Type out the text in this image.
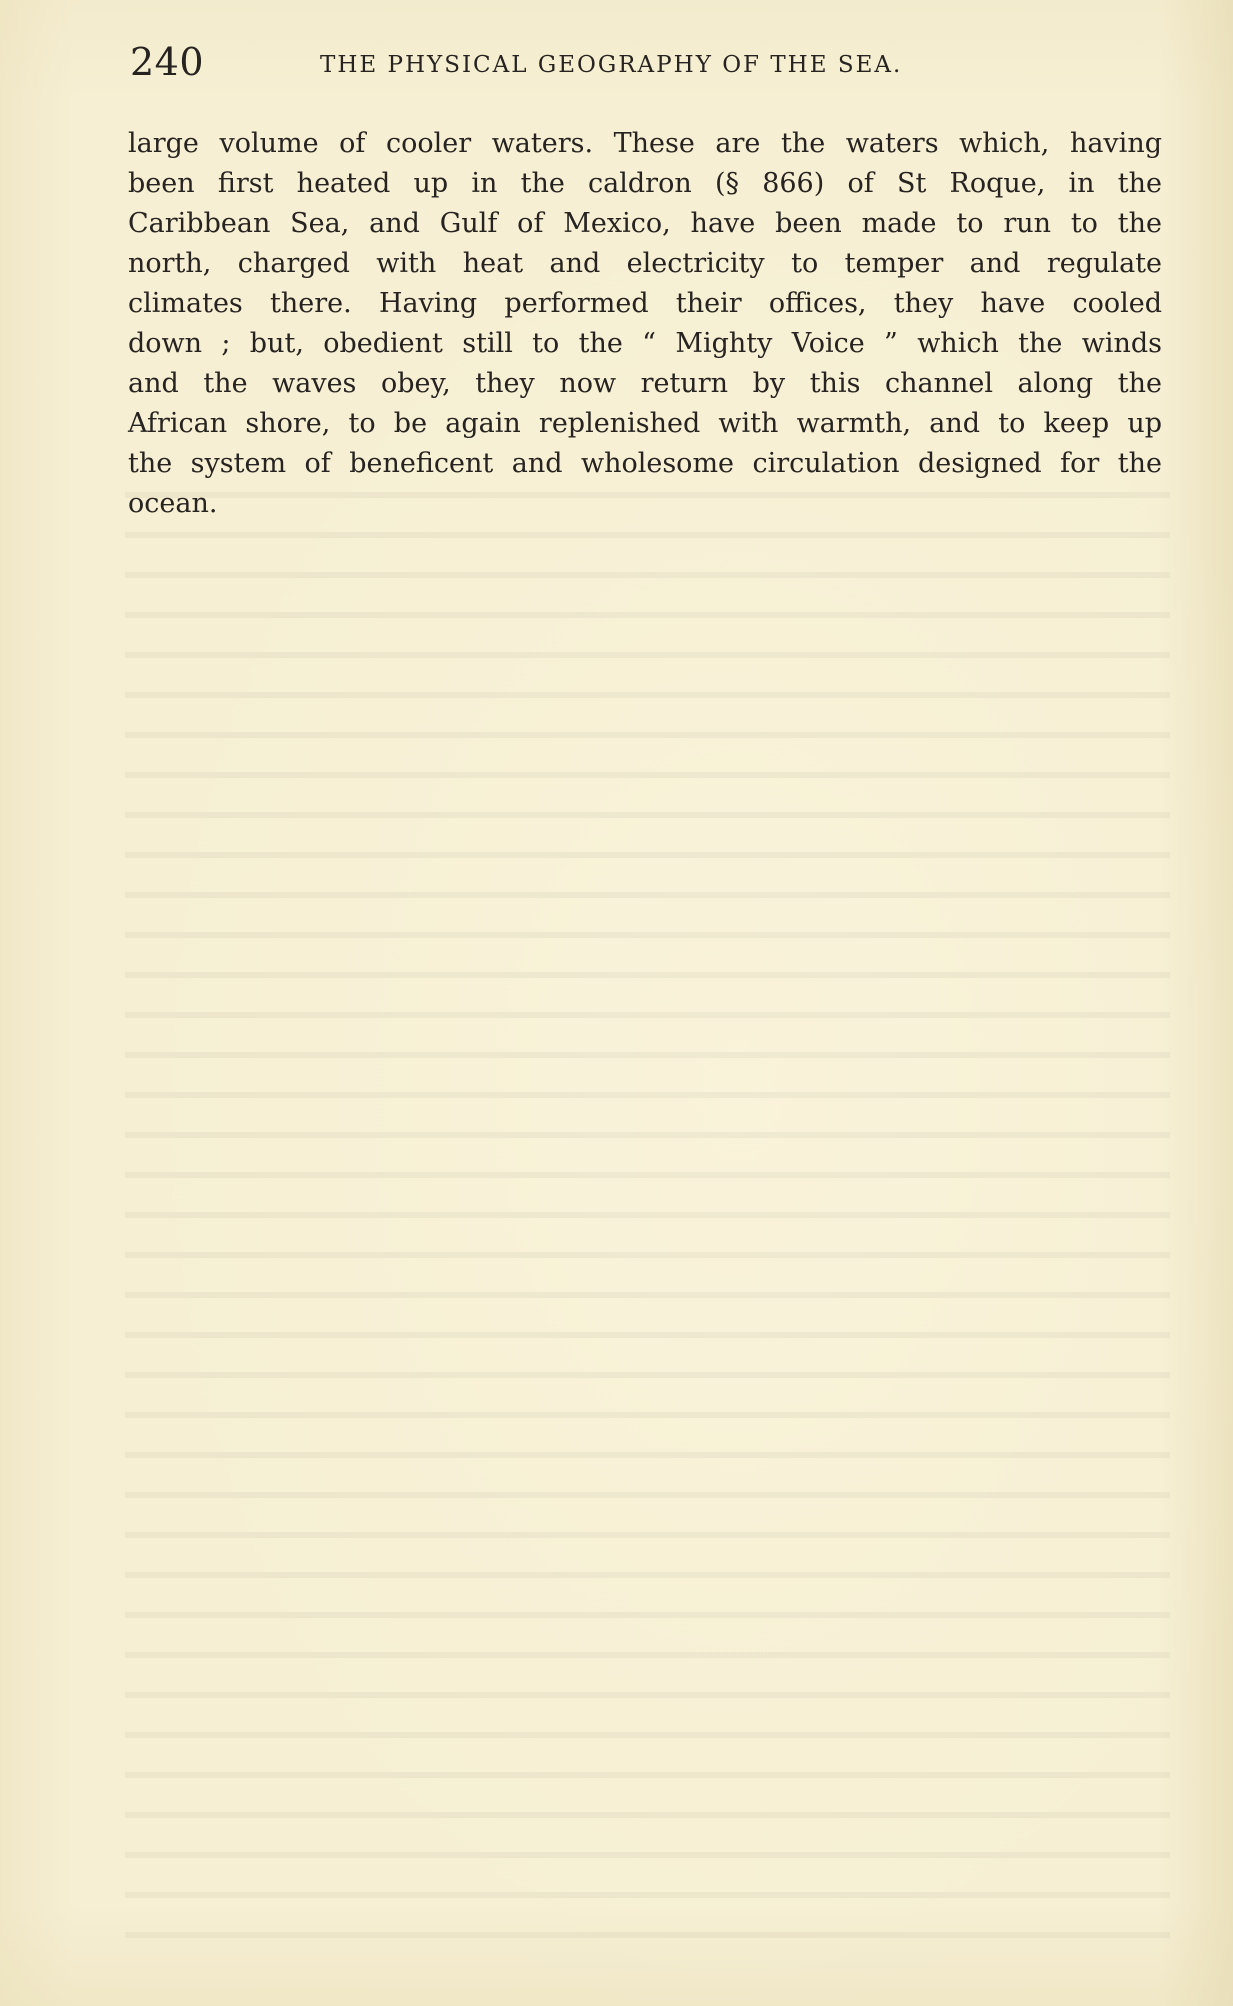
240	THE PHYSICAL GEOGRAPHY OF THE SEA.
large volume of cooler waters. These are the waters which, having
been first heated up in the caldron (§ 866) of St Roque, in the
Caribbean Sea, and Gulf of Mexico, have been made to run to the
north, charged with heat and electricity to temper and regulate
climates there. Having performed their offices, they have cooled
down ; but, obedient still to the “ Mighty Voice ” which the winds
and the waves obey, they now return by this channel along the
African shore, to be again replenished with warmth, and to keep up
the system of beneficent and wholesome circulation designed for the
ocean.
